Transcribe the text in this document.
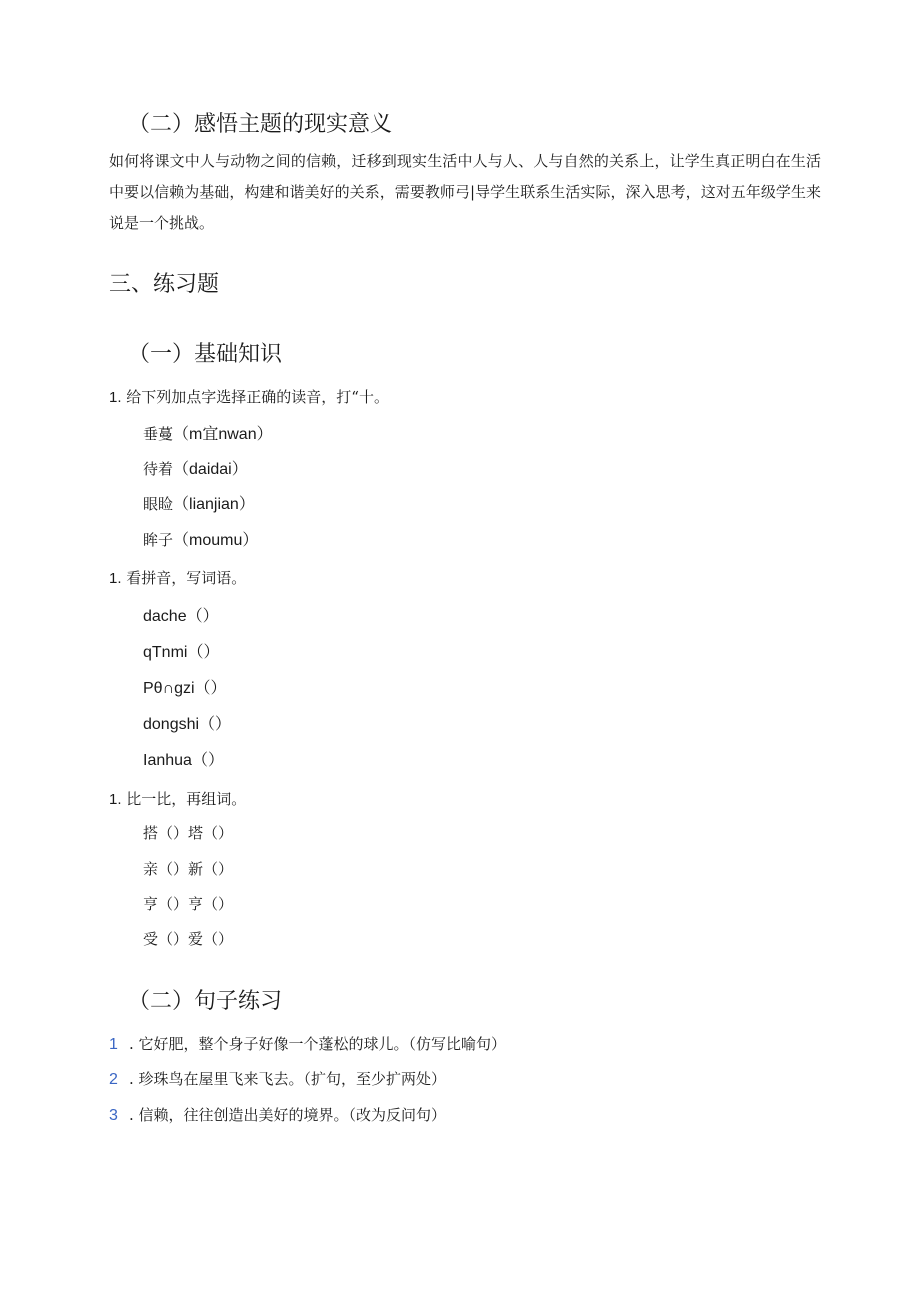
（二）感悟主题的现实意义
如何将课文中人与动物之间的信赖，迁移到现实生活中人与人、人与自然的关系上，让学生真正明白在生活中要以信赖为基础，构建和谐美好的关系，需要教师弓|导学生联系生活实际，深入思考，这对五年级学生来说是一个挑战。
三、练习题
（一）基础知识
1. 给下列加点字选择正确的读音，打“十。
垂蔓（m宜nwan）
待着（daidai）
眼睑（lianjian）
眸子（moumu）
1. 看拼音，写词语。
dache（）
qTnmi（）
Pθ∩gzi（）
dongshi（）
Ianhua（）
1. 比一比，再组词。
搭（）塔（）
亲（）新（）
亨（）亨（）
受（）爱（）
（二）句子练习
1 . 它好肥，整个身子好像一个蓬松的球儿。（仿写比喻句）
2 . 珍珠鸟在屋里飞来飞去。（扩句，至少扩两处）
3 . 信赖，往往创造出美好的境界。（改为反问句）
